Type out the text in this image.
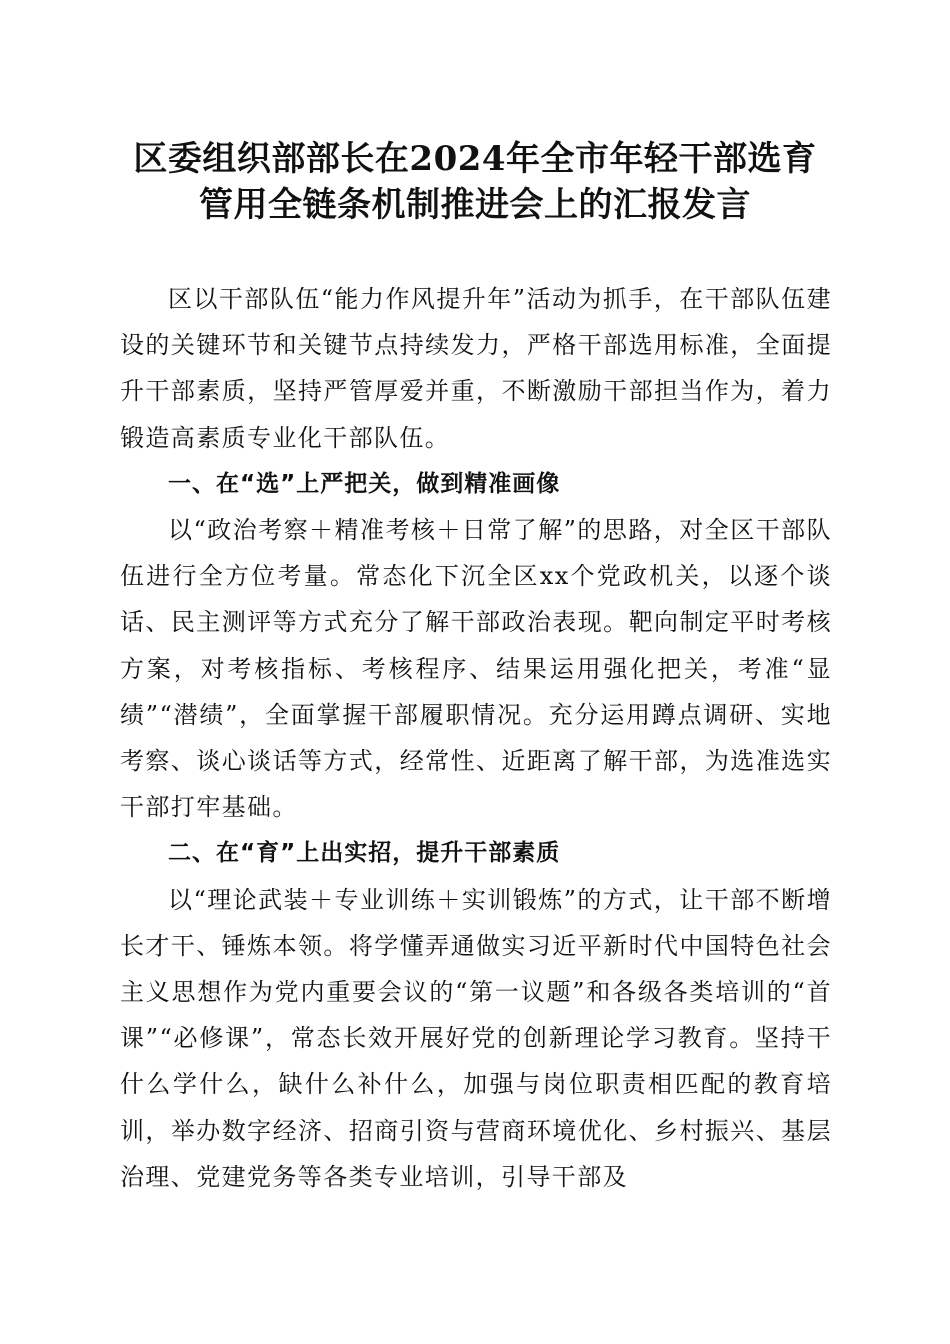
区委组织部部长在2024年全市年轻干部选育
管用全链条机制推进会上的汇报发言

区以干部队伍“能力作风提升年”活动为抓手，在干部队伍建设的关键环节和关键节点持续发力，严格干部选用标准，全面提升干部素质，坚持严管厚爱并重，不断激励干部担当作为，着力锻造高素质专业化干部队伍。

一、在“选”上严把关，做到精准画像

以“政治考察＋精准考核＋日常了解”的思路，对全区干部队伍进行全方位考量。常态化下沉全区xx个党政机关，以逐个谈话、民主测评等方式充分了解干部政治表现。靶向制定平时考核方案，对考核指标、考核程序、结果运用强化把关，考准“显绩”“潜绩”，全面掌握干部履职情况。充分运用蹲点调研、实地考察、谈心谈话等方式，经常性、近距离了解干部，为选准选实干部打牢基础。

二、在“育”上出实招，提升干部素质

以“理论武装＋专业训练＋实训锻炼”的方式，让干部不断增长才干、锤炼本领。将学懂弄通做实习近平新时代中国特色社会主义思想作为党内重要会议的“第一议题”和各级各类培训的“首课”“必修课”，常态长效开展好党的创新理论学习教育。坚持干什么学什么，缺什么补什么，加强与岗位职责相匹配的教育培训，举办数字经济、招商引资与营商环境优化、乡村振兴、基层治理、党建党务等各类专业培训，引导干部及
